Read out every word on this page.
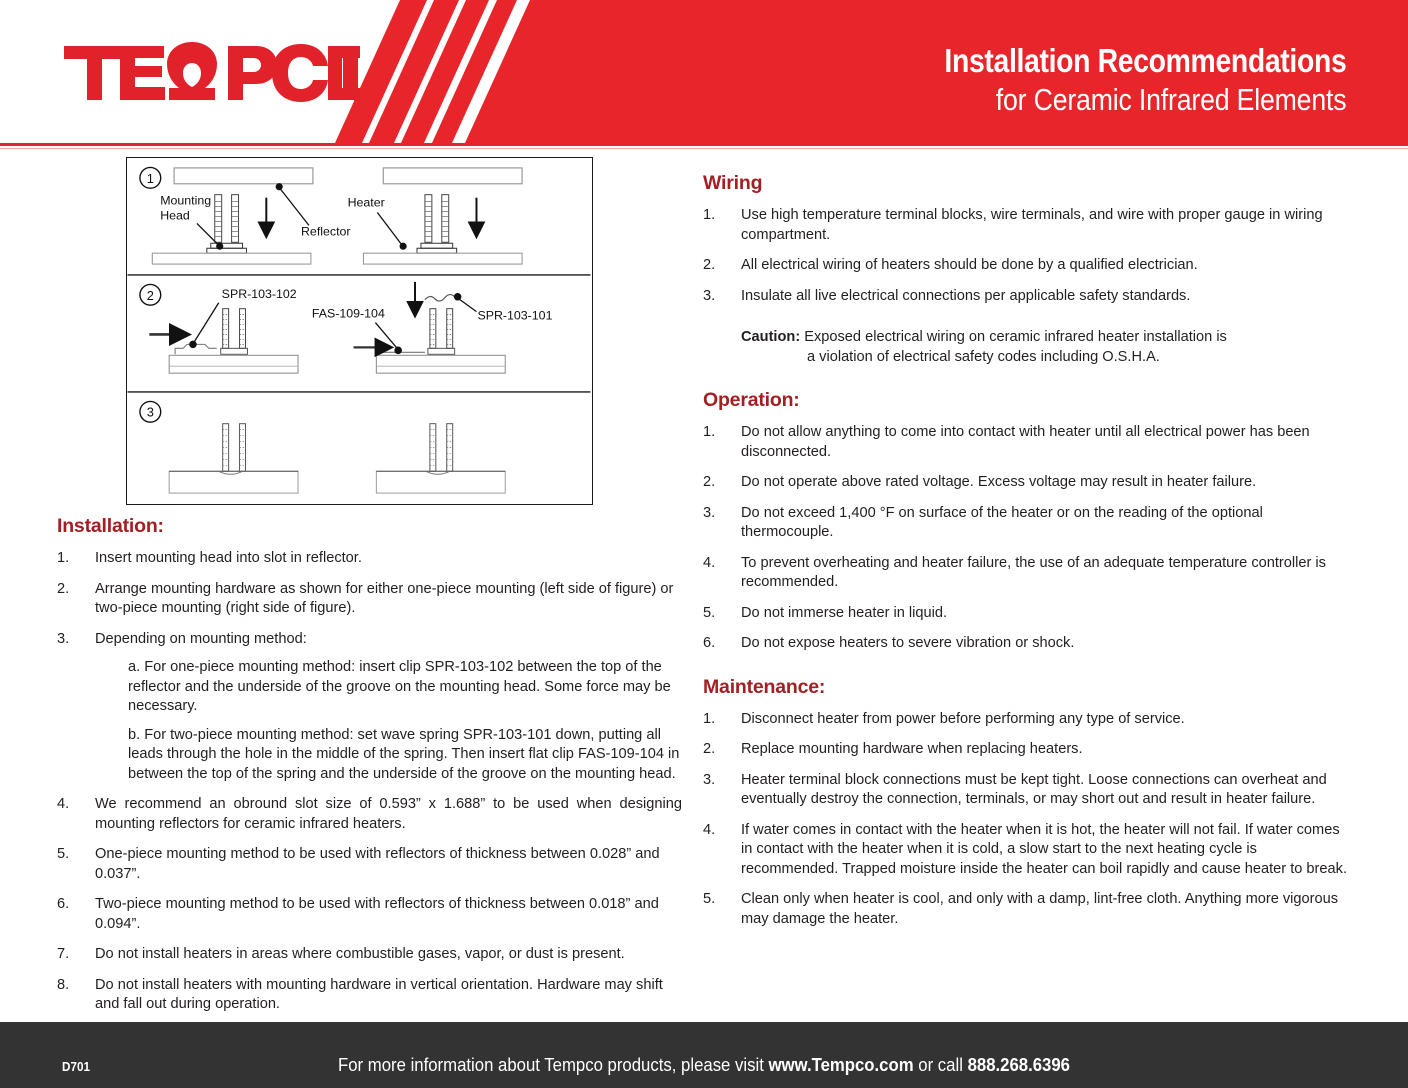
®
Installation Recommendations
for Ceramic Infrared Elements
1
Mounting
Head
Heater
Reflector
2	SPR-103-102
FAS-109-104	SPR-103-101
3
Installation:
1.	Insert mounting head into slot in reflector.
2.	Arrange mounting hardware as shown for either one-piece mounting (left side of figure) or two-piece mounting (right side of figure).
3.	Depending on mounting method:
a. For one-piece mounting method: insert clip SPR-103-102 between the top of the reflector and the underside of the groove on the mounting head. Some force may be necessary.
b. For two-piece mounting method: set wave spring SPR-103-101 down, putting all leads through the hole in the middle of the spring. Then insert flat clip FAS-109-104 in between the top of the spring and the underside of the groove on the mounting head.
4.	We recommend an obround slot size of 0.593” x 1.688” to be used when designing mounting reflectors for ceramic infrared heaters.
5.	One-piece mounting method to be used with reflectors of thickness between 0.028” and 0.037”.
6.	Two-piece mounting method to be used with reflectors of thickness between 0.018” and 0.094”.
7.	Do not install heaters in areas where combustible gases, vapor, or dust is present.
8.	Do not install heaters with mounting hardware in vertical orientation. Hardware may shift and fall out during operation.
Wiring
1.	Use high temperature terminal blocks, wire terminals, and wire with proper gauge in wiring compartment.
2.	All electrical wiring of heaters should be done by a qualified electrician.
3.	Insulate all live electrical connections per applicable safety standards.
Caution: Exposed electrical wiring on ceramic infrared heater installation is
a violation of electrical safety codes including O.S.H.A.
Operation:
1.	Do not allow anything to come into contact with heater until all electrical power has been disconnected.
2.	Do not operate above rated voltage. Excess voltage may result in heater failure.
3.	Do not exceed 1,400 °F on surface of the heater or on the reading of the optional thermocouple.
4.	To prevent overheating and heater failure, the use of an adequate temperature controller is recommended.
5.	Do not immerse heater in liquid.
6.	Do not expose heaters to severe vibration or shock.
Maintenance:
1.	Disconnect heater from power before performing any type of service.
2.	Replace mounting hardware when replacing heaters.
3.	Heater terminal block connections must be kept tight. Loose connections can overheat and eventually destroy the connection, terminals, or may short out and result in heater failure.
4.	If water comes in contact with the heater when it is hot, the heater will not fail. If water comes in contact with the heater when it is cold, a slow start to the next heating cycle is recommended. Trapped moisture inside the heater can boil rapidly and cause heater to break.
5.	Clean only when heater is cool, and only with a damp, lint-free cloth. Anything more vigorous may damage the heater.
D701	For more information about Tempco products, please visit www.Tempco.com or call 888.268.6396
